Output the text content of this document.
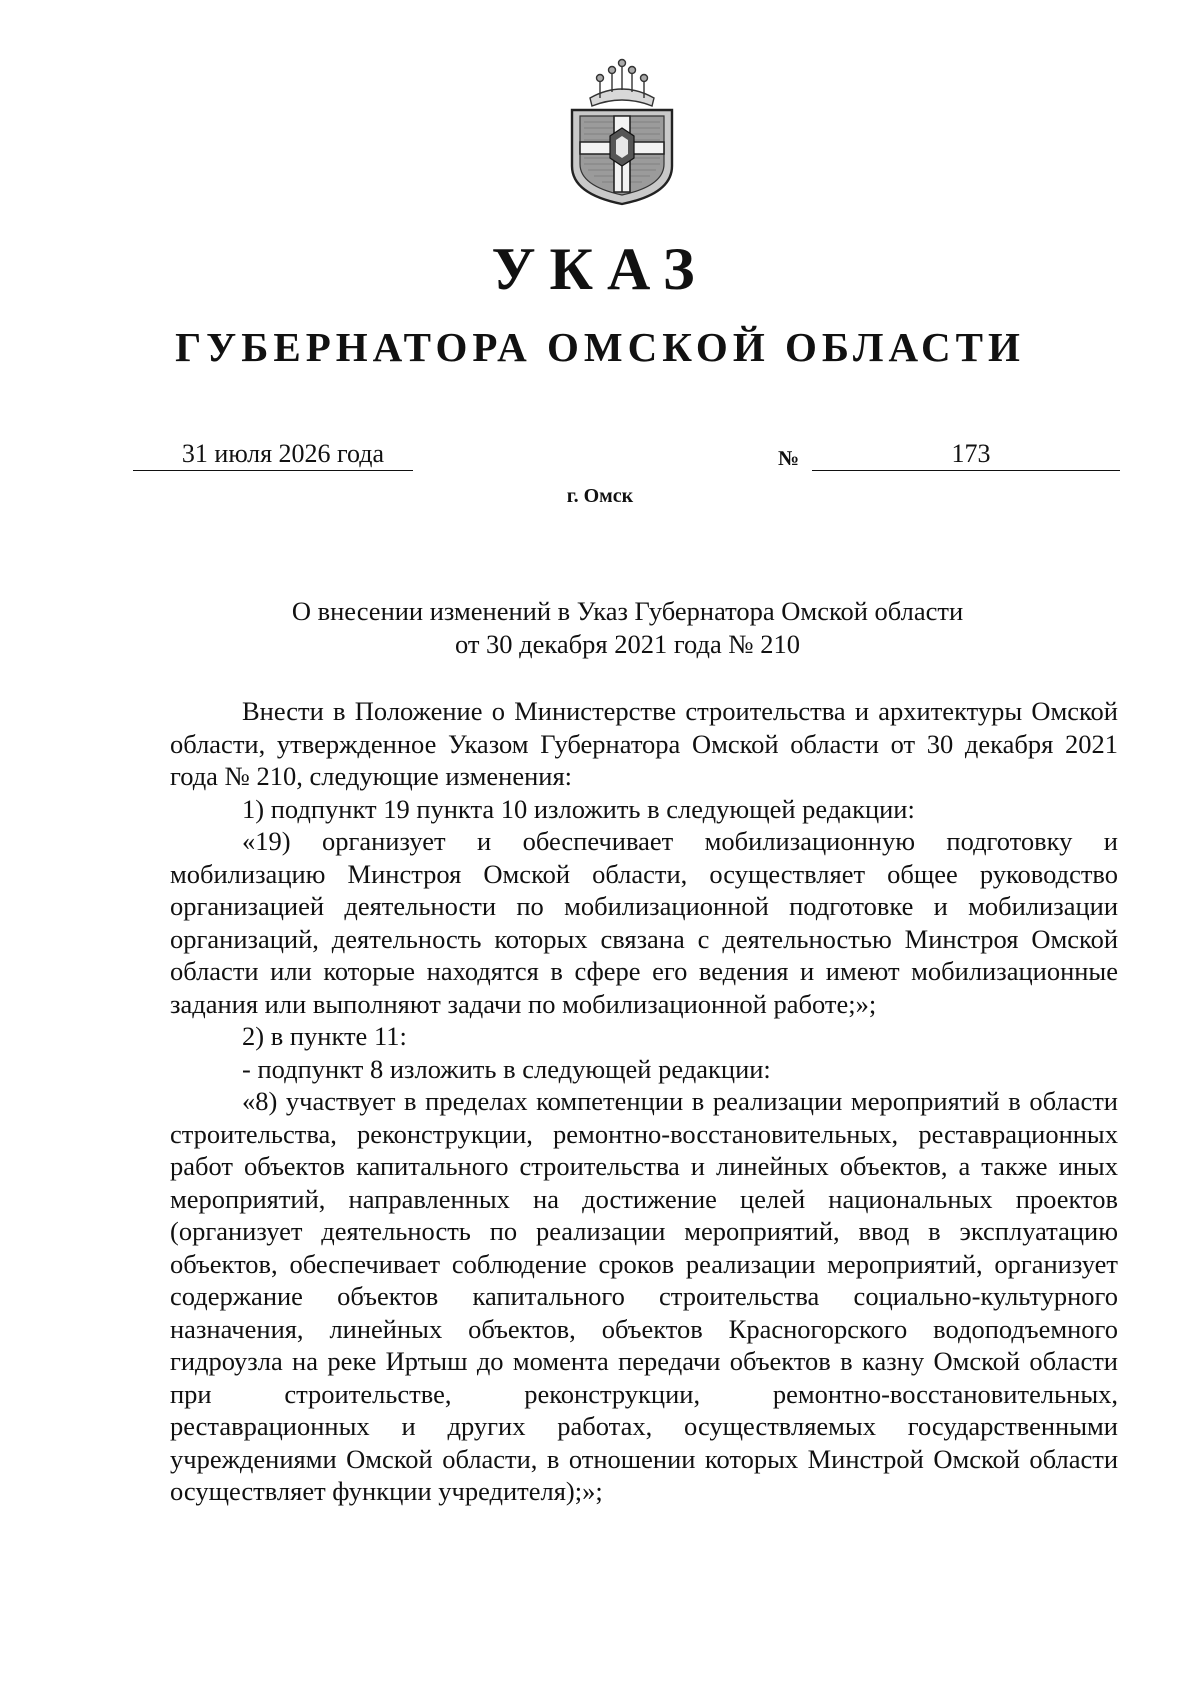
УКАЗ
ГУБЕРНАТОРА ОМСКОЙ ОБЛАСТИ
31 июля 2026 года	№	173
г. Омск
О внесении изменений в Указ Губернатора Омской области
от 30 декабря 2021 года № 210

Внести в Положение о Министерстве строительства и архитектуры Омской области, утвержденное Указом Губернатора Омской области от 30 декабря 2021 года № 210, следующие изменения:

1) подпункт 19 пункта 10 изложить в следующей редакции:

«19) организует и обеспечивает мобилизационную подготовку и мобилизацию Минстроя Омской области, осуществляет общее руководство организацией деятельности по мобилизационной подготовке и мобилизации организаций, деятельность которых связана с деятельностью Минстроя Омской области или которые находятся в сфере его ведения и имеют мобилизационные задания или выполняют задачи по мобилизационной работе;»;

2) в пункте 11:

- подпункт 8 изложить в следующей редакции:

«8) участвует в пределах компетенции в реализации мероприятий в области строительства, реконструкции, ремонтно-восстановительных, реставрационных работ объектов капитального строительства и линейных объектов, а также иных мероприятий, направленных на достижение целей национальных проектов (организует деятельность по реализации мероприятий, ввод в эксплуатацию объектов, обеспечивает соблюдение сроков реализации мероприятий, организует содержание объектов капитального строительства социально-культурного назначения, линейных объектов, объектов Красногорского водоподъемного гидроузла на реке Иртыш до момента передачи объектов в казну Омской области при строительстве, реконструкции, ремонтно-восстановительных, реставрационных и других работах, осуществляемых государственными учреждениями Омской области, в отношении которых Минстрой Омской области осуществляет функции учредителя);»;
